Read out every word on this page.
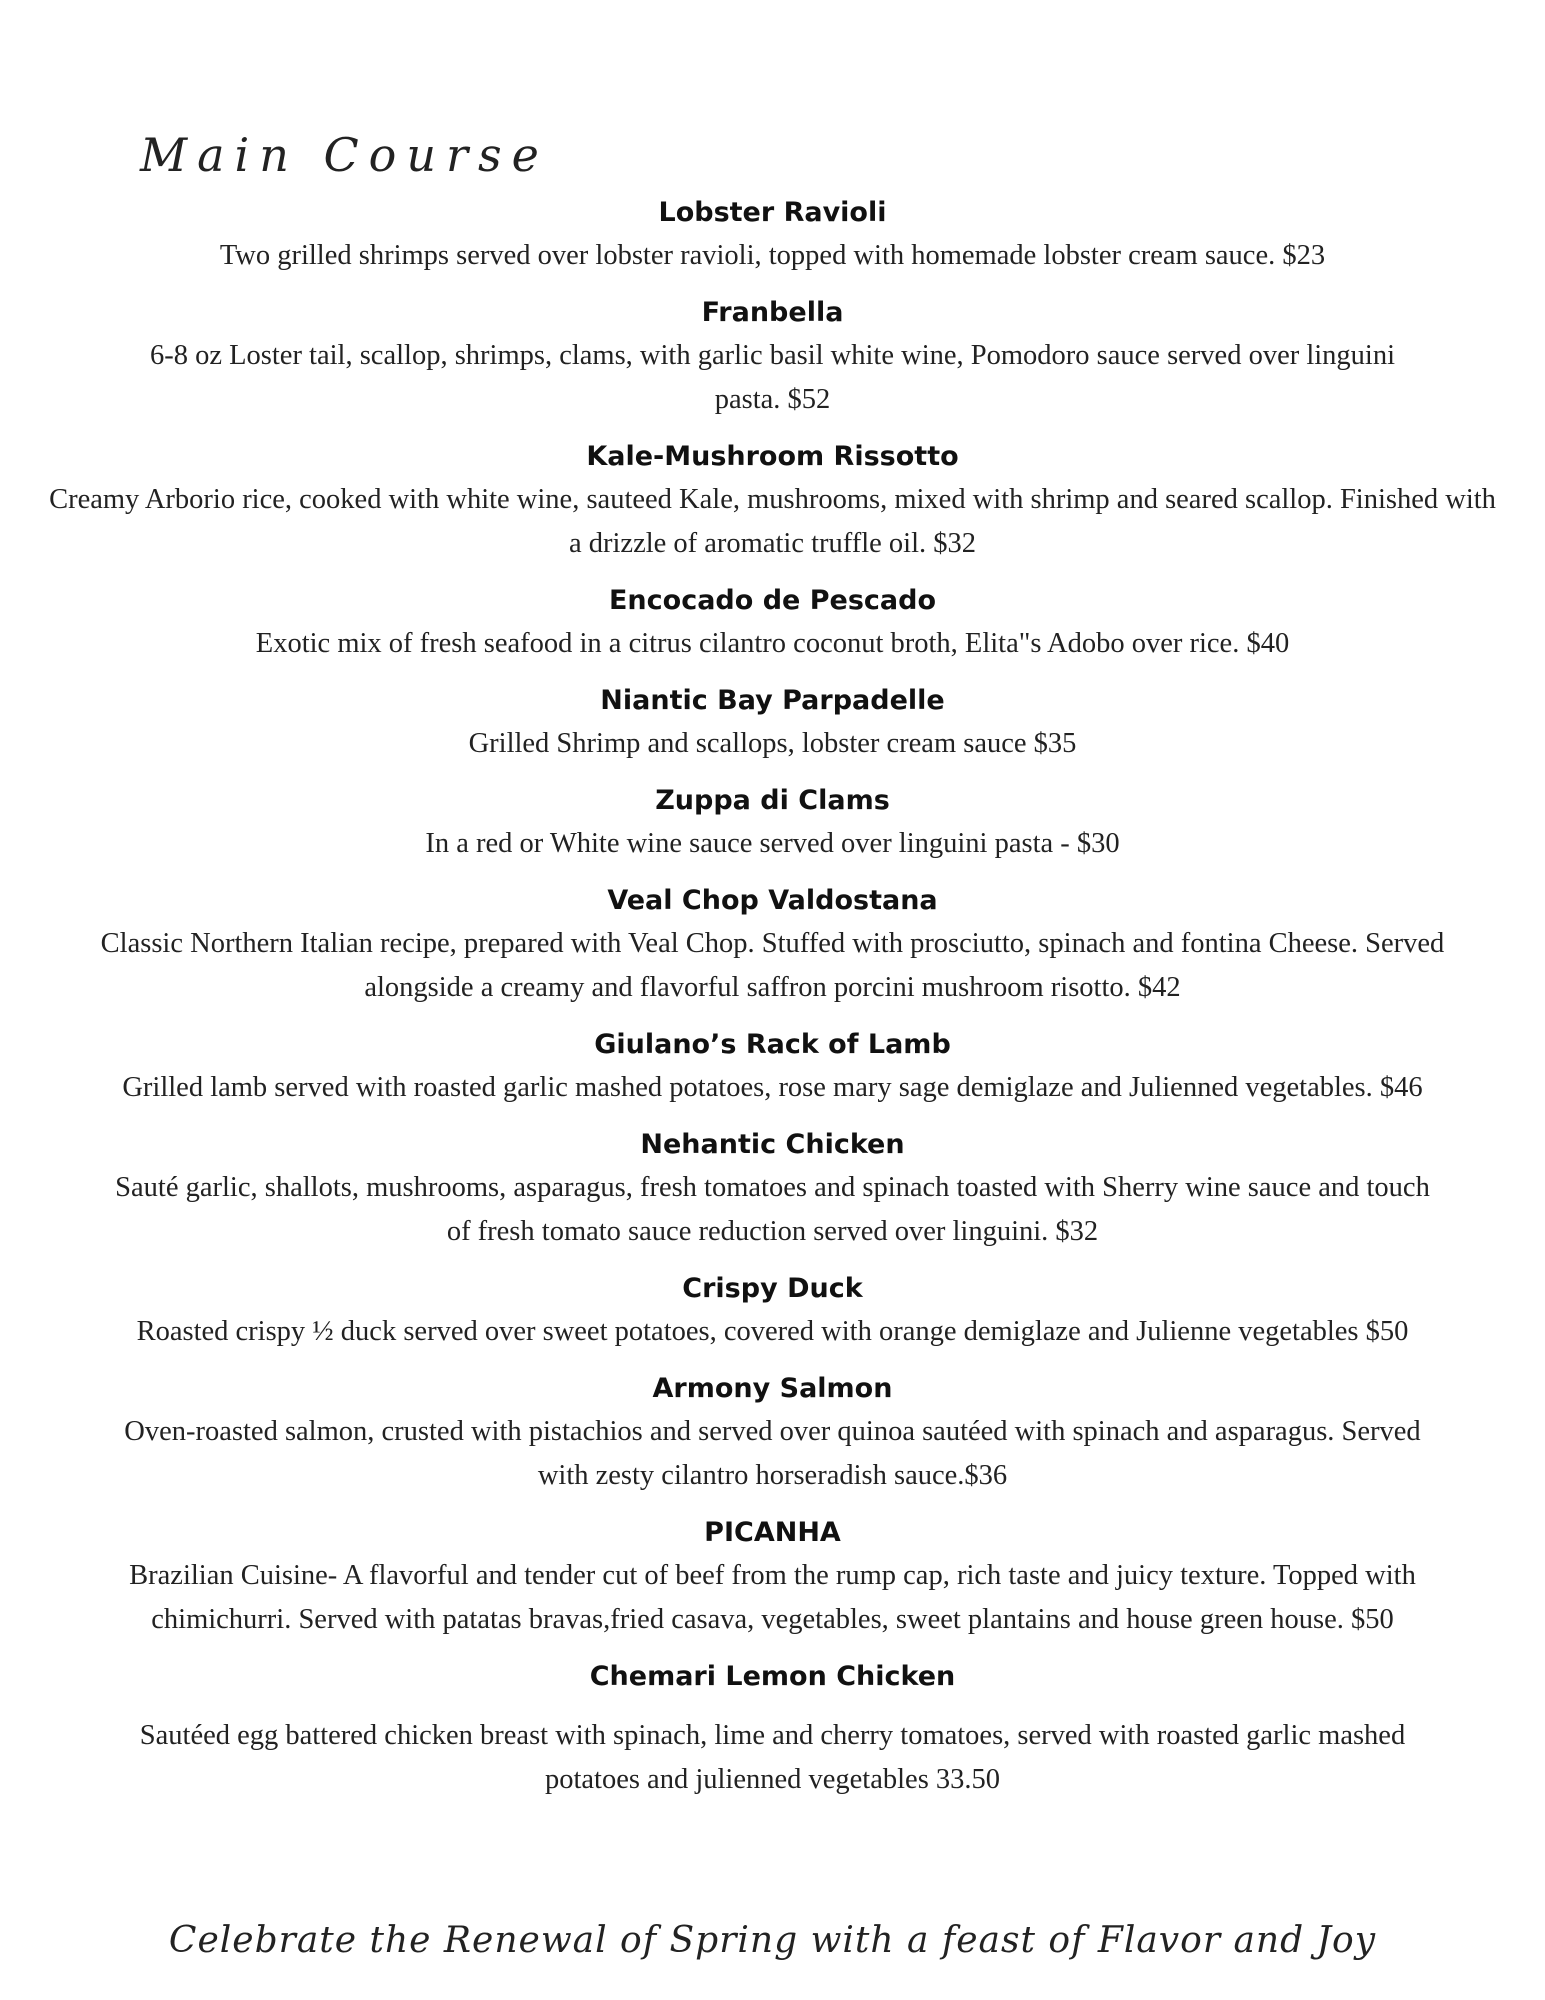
Main Course
Lobster Ravioli
Two grilled shrimps served over lobster ravioli, topped with homemade lobster cream sauce. $23
Franbella
6-8 oz Loster tail, scallop, shrimps, clams, with garlic basil white wine, Pomodoro sauce served over linguini pasta. $52
Kale-Mushroom Rissotto
Creamy Arborio rice, cooked with white wine, sauteed Kale, mushrooms, mixed with shrimp and seared scallop. Finished with a drizzle of aromatic truffle oil. $32
Encocado de Pescado
Exotic mix of fresh seafood in a citrus cilantro coconut broth, Elita"s Adobo over rice. $40
Niantic Bay Parpadelle
Grilled Shrimp and scallops, lobster cream sauce $35
Zuppa di Clams
In a red or White wine sauce served over linguini pasta - $30
Veal Chop Valdostana
Classic Northern Italian recipe, prepared with Veal Chop. Stuffed with prosciutto, spinach and fontina Cheese. Served alongside a creamy and flavorful saffron porcini mushroom risotto. $42
Giulano’s Rack of Lamb
Grilled lamb served with roasted garlic mashed potatoes, rose mary sage demiglaze and Julienned vegetables. $46
Nehantic Chicken
Sauté garlic, shallots, mushrooms, asparagus, fresh tomatoes and spinach toasted with Sherry wine sauce and touch of fresh tomato sauce reduction served over linguini. $32
Crispy Duck
Roasted crispy ½ duck served over sweet potatoes, covered with orange demiglaze and Julienne vegetables $50
Armony Salmon
Oven-roasted salmon, crusted with pistachios and served over quinoa sautéed with spinach and asparagus. Served with zesty cilantro horseradish sauce.$36
PICANHA
Brazilian Cuisine- A flavorful and tender cut of beef from the rump cap, rich taste and juicy texture. Topped with chimichurri. Served with patatas bravas,fried casava, vegetables, sweet plantains and house green house. $50
Chemari Lemon Chicken
Sautéed egg battered chicken breast with spinach, lime and cherry tomatoes, served with roasted garlic mashed potatoes and julienned vegetables 33.50
Celebrate the Renewal of Spring with a feast of Flavor and Joy
